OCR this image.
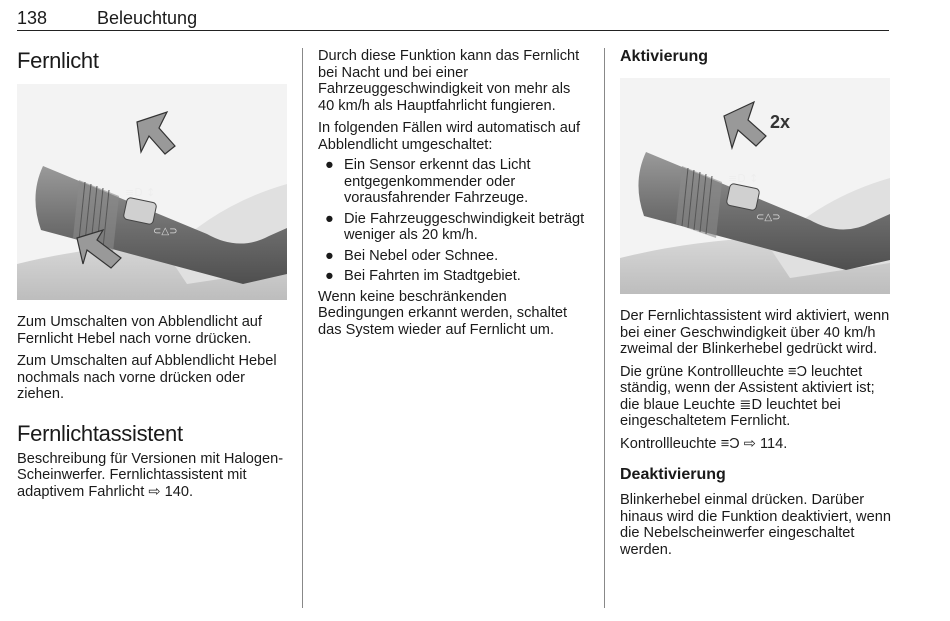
138	Beleuchtung
Fernlicht
≡D ↕
⊂△⊃

Zum Umschalten von Abblendlicht auf Fernlicht Hebel nach vorne drücken.

Zum Umschalten auf Abblendlicht Hebel nochmals nach vorne drücken oder ziehen.

Fernlichtassistent

Beschreibung für Versionen mit Halogen-Scheinwerfer. Fernlichtassistent mit adaptivem Fahrlicht ⇨ 140.

Durch diese Funktion kann das Fernlicht bei Nacht und bei einer Fahrzeuggeschwindigkeit von mehr als 40 km/h als Hauptfahrlicht fungieren.

In folgenden Fällen wird automatisch auf Abblendlicht umgeschaltet:

● Ein Sensor erkennt das Licht entgegenkommender oder vorausfahrender Fahrzeuge.
● Die Fahrzeuggeschwindigkeit beträgt weniger als 20 km/h.
● Bei Nebel oder Schnee.
● Bei Fahrten im Stadtgebiet.

Wenn keine beschränkenden Bedingungen erkannt werden, schaltet das System wieder auf Fernlicht um.

Aktivierung
≡D ↕
⊂△⊃
2x

Der Fernlichtassistent wird aktiviert, wenn bei einer Geschwindigkeit über 40 km/h zweimal der Blinkerhebel gedrückt wird.

Die grüne Kontrollleuchte ≡Ɔ leuchtet ständig, wenn der Assistent aktiviert ist; die blaue Leuchte ≣D leuchtet bei eingeschaltetem Fernlicht.

Kontrollleuchte ≡Ɔ ⇨ 114.

Deaktivierung

Blinkerhebel einmal drücken. Darüber hinaus wird die Funktion deaktiviert, wenn die Nebelscheinwerfer eingeschaltet werden.
